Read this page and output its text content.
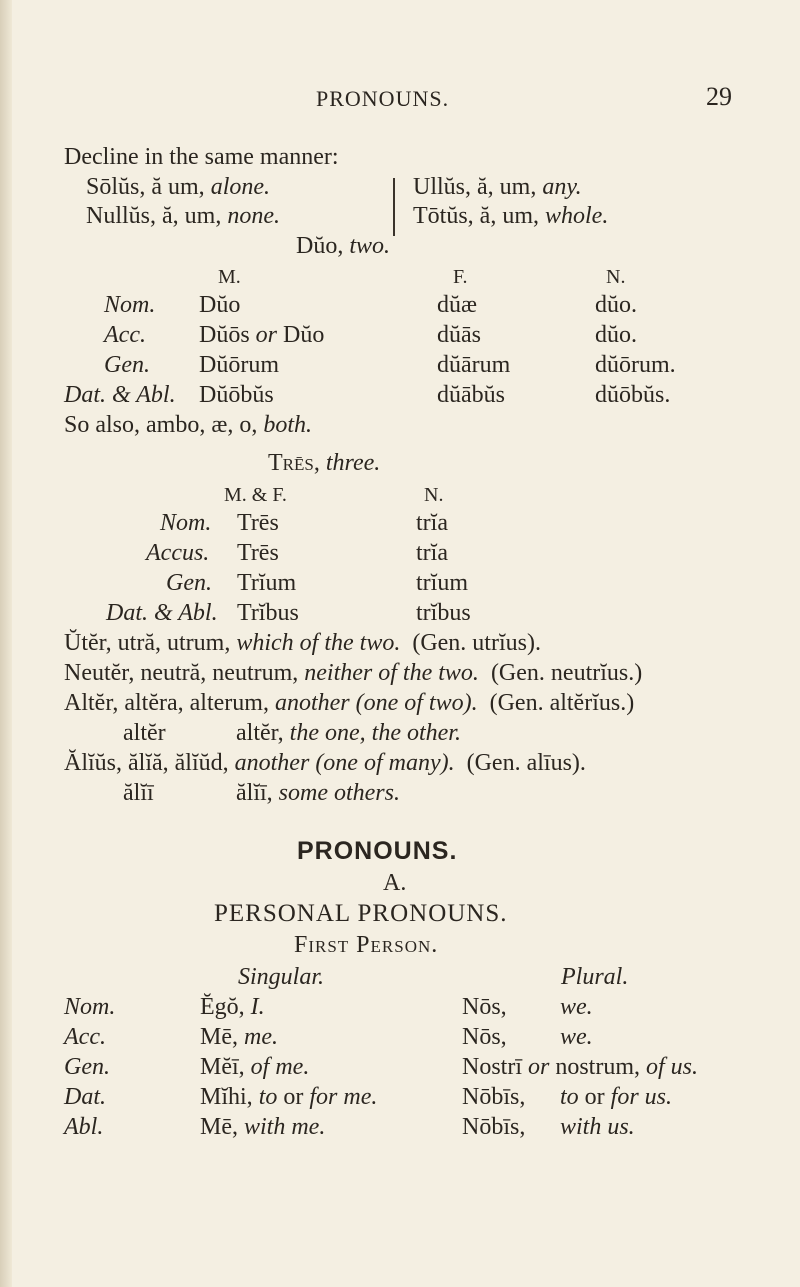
PRONOUNS.	29
Decline in the same manner:
Sōlŭs, ă um, alone.
Nullŭs, ă, um, none.
Ullŭs, ă, um, any.
Tōtŭs, ă, um, whole.
Dŭo, two.
M.	F.	N.
Nom. Dŭo	dŭæ	dŭo.
Acc. Dŭōs or Dŭo	dŭās	dŭo.
Gen. Dŭōrum	dŭārum	dŭōrum.
Dat. & Abl. Dŭōbŭs	dŭābŭs	dŭōbŭs.
So also, ambo, æ, o, both.
Trēs, three.
M. & F.	N.
Nom. Trēs	trĭa
Accus. Trēs	trĭa
Gen. Trĭum	trĭum
Dat. & Abl. Trĭbus	trĭbus
Ŭtĕr, utră, utrum, which of the two. (Gen. utrĭus).
Neutĕr, neutră, neutrum, neither of the two. (Gen. neutrĭus.)
Altĕr, altĕra, alterum, another (one of two). (Gen. altĕrĭus.)
altĕr	altĕr, the one, the other.
Ălĭŭs, ălĭă, ălĭŭd, another (one of many). (Gen. alīus).
ălĭī	ălĭī, some others.
PRONOUNS.
A.
PERSONAL PRONOUNS.
First Person.
Singular.	Plural.
Nom.	Ĕgŏ, I.	Nōs, we.
Acc.	Mē, me.	Nōs, we.
Gen.	Mĕī, of me.	Nostrī or nostrum, of us.
Dat.	Mĭhi, to or for me.	Nōbīs, to or for us.
Abl.	Mē, with me.	Nōbīs, with us.
